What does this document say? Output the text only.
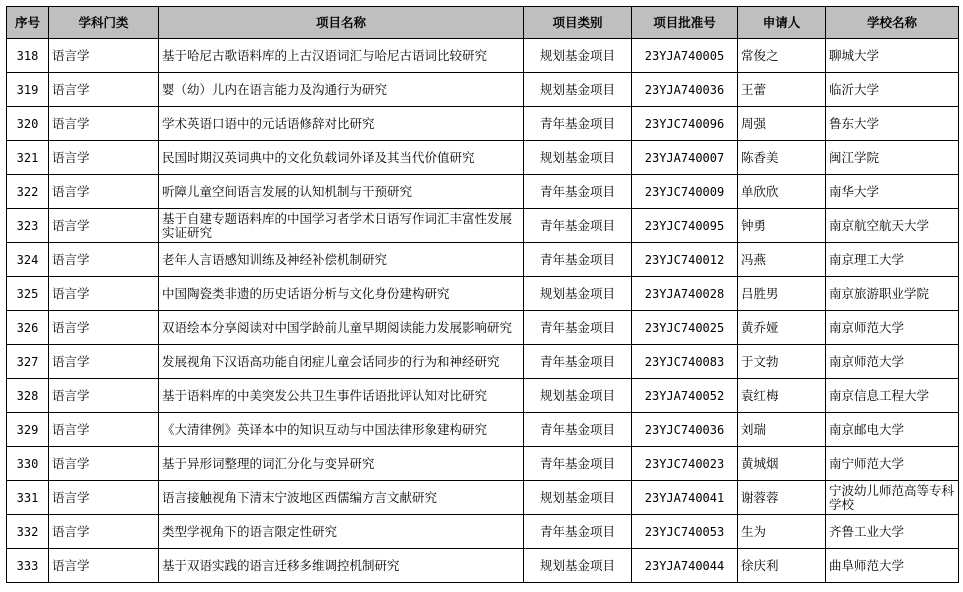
序号	学科门类	项目名称	项目类别	项目批准号	申请人	学校名称
318	语言学	基于哈尼古歌语料库的上古汉语词汇与哈尼古语词比较研究	规划基金项目	23YJA740005	常俊之	聊城大学
319	语言学	婴（幼）儿内在语言能力及沟通行为研究	规划基金项目	23YJA740036	王蕾	临沂大学
320	语言学	学术英语口语中的元话语修辞对比研究	青年基金项目	23YJC740096	周强	鲁东大学
321	语言学	民国时期汉英词典中的文化负载词外译及其当代价值研究	规划基金项目	23YJA740007	陈香美	闽江学院
322	语言学	听障儿童空间语言发展的认知机制与干预研究	青年基金项目	23YJC740009	单欣欣	南华大学
323	语言学	基于自建专题语料库的中国学习者学术日语写作词汇丰富性发展实证研究	青年基金项目	23YJC740095	钟勇	南京航空航天大学
324	语言学	老年人言语感知训练及神经补偿机制研究	青年基金项目	23YJC740012	冯燕	南京理工大学
325	语言学	中国陶瓷类非遗的历史话语分析与文化身份建构研究	规划基金项目	23YJA740028	吕胜男	南京旅游职业学院
326	语言学	双语绘本分享阅读对中国学龄前儿童早期阅读能力发展影响研究	青年基金项目	23YJC740025	黄乔娅	南京师范大学
327	语言学	发展视角下汉语高功能自闭症儿童会话同步的行为和神经研究	青年基金项目	23YJC740083	于文勃	南京师范大学
328	语言学	基于语料库的中美突发公共卫生事件话语批评认知对比研究	规划基金项目	23YJA740052	袁红梅	南京信息工程大学
329	语言学	《大清律例》英译本中的知识互动与中国法律形象建构研究	青年基金项目	23YJC740036	刘瑞	南京邮电大学
330	语言学	基于异形词整理的词汇分化与变异研究	青年基金项目	23YJC740023	黄城烟	南宁师范大学
331	语言学	语言接触视角下清末宁波地区西儒编方言文献研究	规划基金项目	23YJA740041	谢蓉蓉	宁波幼儿师范高等专科学校
332	语言学	类型学视角下的语言限定性研究	青年基金项目	23YJC740053	生为	齐鲁工业大学
333	语言学	基于双语实践的语言迁移多维调控机制研究	规划基金项目	23YJA740044	徐庆利	曲阜师范大学
